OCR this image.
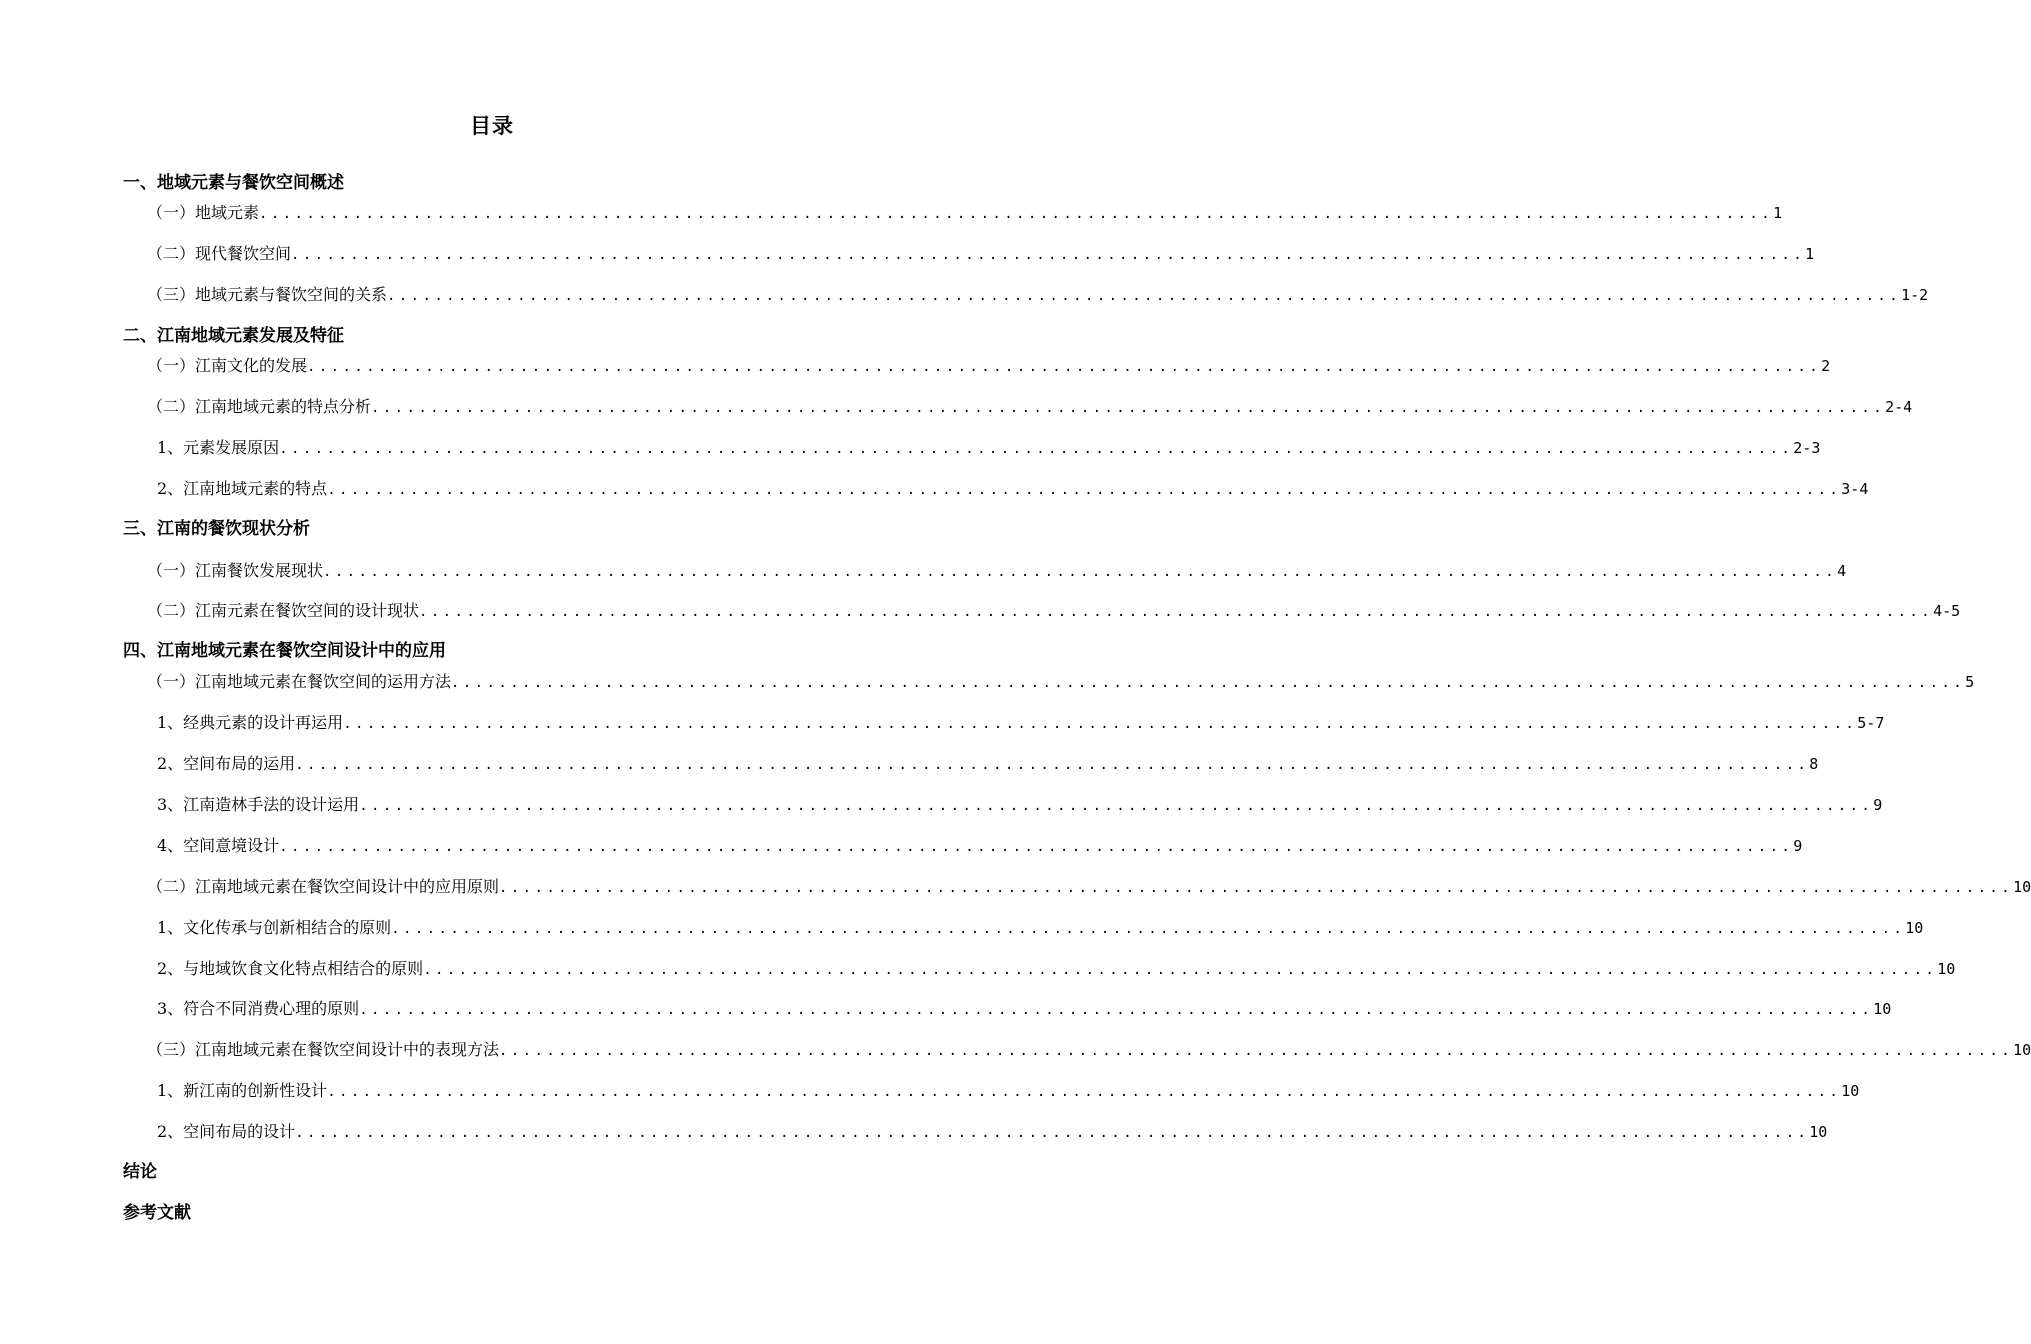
目录
一、地域元素与餐饮空间概述
（一）地域元素 ................................................................................................................................ 1
（二）现代餐饮空间 ................................................................................................................................ 1
（三）地域元素与餐饮空间的关系 ................................................................................................................................ 1-2
二、江南地域元素发展及特征
（一）江南文化的发展 ................................................................................................................................ 2
（二）江南地域元素的特点分析 ................................................................................................................................ 2-4
1、元素发展原因 ................................................................................................................................ 2-3
2、江南地域元素的特点 ................................................................................................................................ 3-4
三、江南的餐饮现状分析
（一）江南餐饮发展现状 ................................................................................................................................ 4
（二）江南元素在餐饮空间的设计现状 ................................................................................................................................ 4-5
四、江南地域元素在餐饮空间设计中的应用
（一）江南地域元素在餐饮空间的运用方法 ................................................................................................................................ 5
1、经典元素的设计再运用 ................................................................................................................................ 5-7
2、空间布局的运用 ................................................................................................................................ 8
3、江南造林手法的设计运用 ................................................................................................................................ 9
4、空间意境设计 ................................................................................................................................ 9
（二）江南地域元素在餐饮空间设计中的应用原则 ................................................................................................................................ 10
1、文化传承与创新相结合的原则 ................................................................................................................................ 10
2、与地域饮食文化特点相结合的原则 ................................................................................................................................ 10
3、符合不同消费心理的原则 ................................................................................................................................ 10
（三）江南地域元素在餐饮空间设计中的表现方法 ................................................................................................................................ 10
1、新江南的创新性设计 ................................................................................................................................ 10
2、空间布局的设计 ................................................................................................................................ 10
结论
参考文献
